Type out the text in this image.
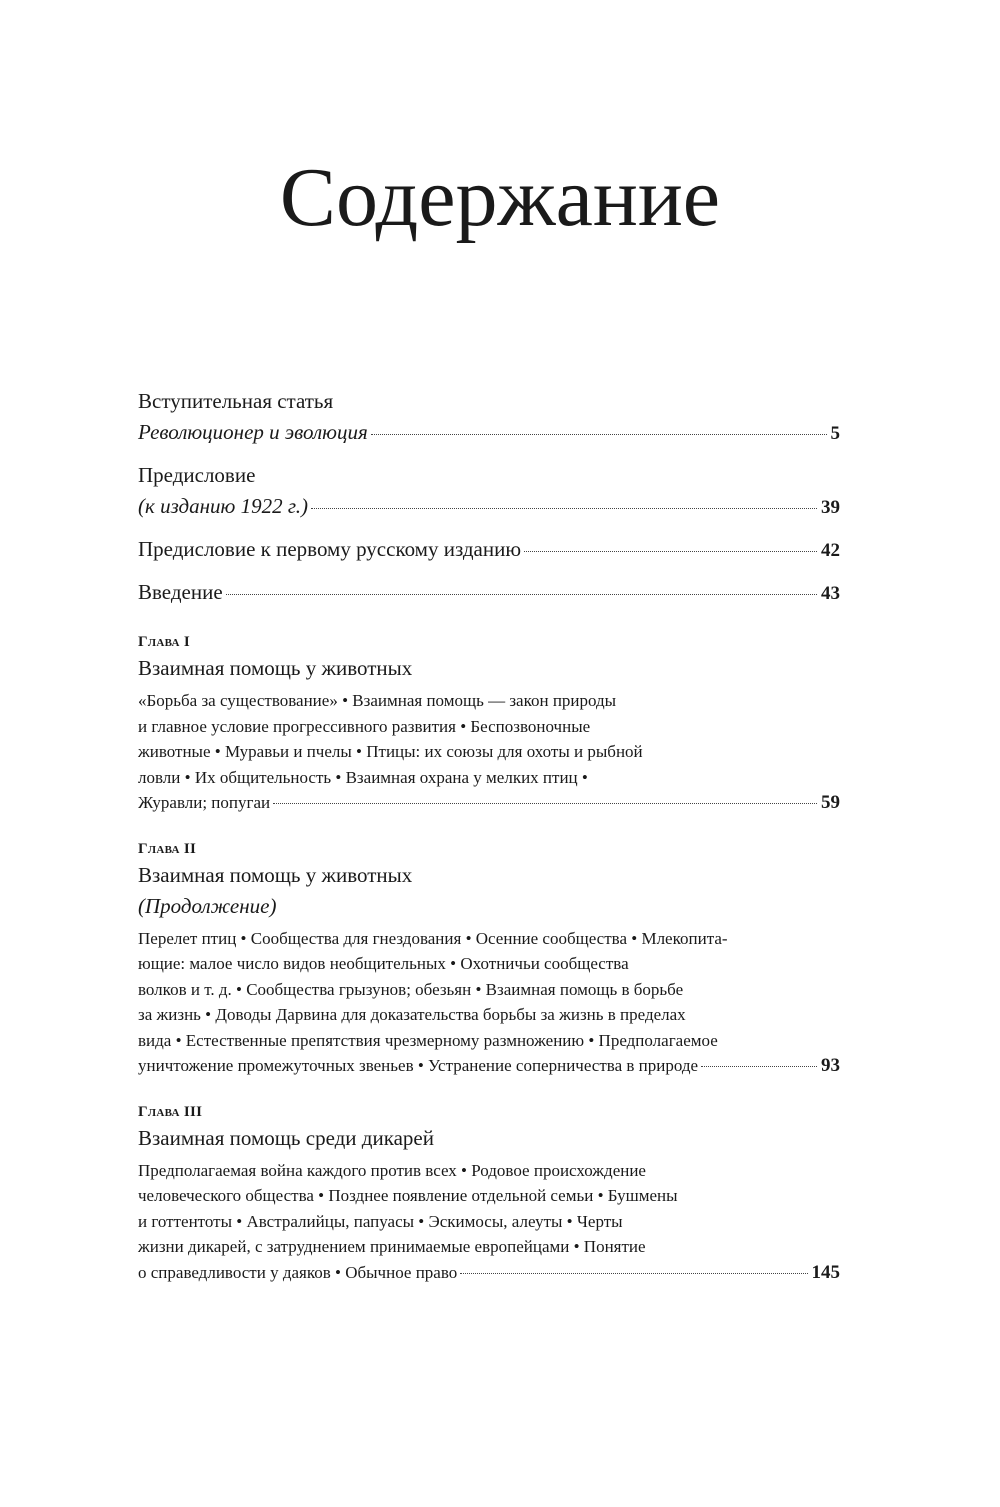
Содержание
Вступительная статья
Революционер и эволюция	5
Предисловие
(к изданию 1922 г.)	39
Предисловие к первому русскому изданию	42
Введение	43
Глава I
Взаимная помощь у животных
«Борьба за существование» • Взаимная помощь — закон природы
и главное условие прогрессивного развития • Беспозвоночные
животные • Муравьи и пчелы • Птицы: их союзы для охоты и рыбной
ловли • Их общительность • Взаимная охрана у мелких птиц •
Журавли; попугаи	59
Глава II
Взаимная помощь у животных
(Продолжение)
Перелет птиц • Сообщества для гнездования • Осенние сообщества • Млекопита-
ющие: малое число видов необщительных • Охотничьи сообщества
волков и т. д. • Сообщества грызунов; обезьян • Взаимная помощь в борьбе
за жизнь • Доводы Дарвина для доказательства борьбы за жизнь в пределах
вида • Естественные препятствия чрезмерному размножению • Предполагаемое
уничтожение промежуточных звеньев • Устранение соперничества в природе	93
Глава III
Взаимная помощь среди дикарей
Предполагаемая война каждого против всех • Родовое происхождение
человеческого общества • Позднее появление отдельной семьи • Бушмены
и готтентоты • Австралийцы, папуасы • Эскимосы, алеуты • Черты
жизни дикарей, с затруднением принимаемые европейцами • Понятие
о справедливости у даяков • Обычное право	145
